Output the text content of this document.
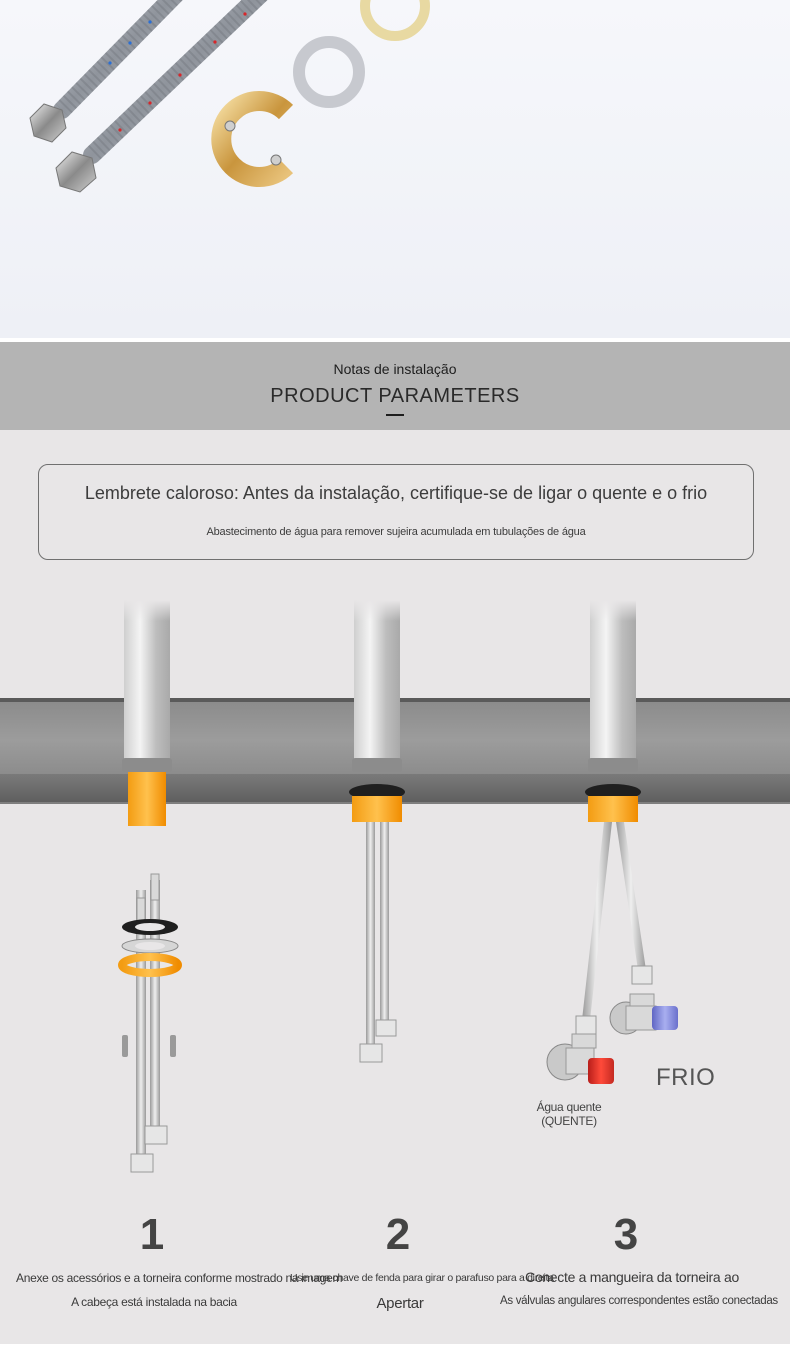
Notas de instalação
PRODUCT PARAMETERS
Lembrete caloroso: Antes da instalação, certifique-se de ligar o quente e o frio
Abastecimento de água para remover sujeira acumulada em tubulações de água
FRIO
Água quente (QUENTE)
1	2	3
Anexe os acessórios e a torneira conforme mostrado na imagem
A cabeça está instalada na bacia
Use uma chave de fenda para girar o parafuso para a direita
Apertar
Conecte a mangueira da torneira ao
As válvulas angulares correspondentes estão conectadas
